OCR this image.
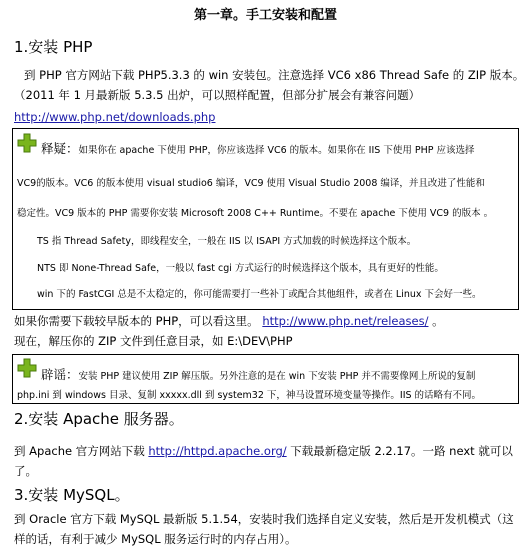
第一章。手工安装和配置
1.安装 PHP
到 PHP 官方网站下载 PHP5.3.3 的 win 安装包。注意选择 VC6 x86 Thread Safe 的 ZIP 版本。
（2011 年 1 月最新版 5.3.5 出炉，可以照样配置，但部分扩展会有兼容问题）
http://www.php.net/downloads.php
释疑：如果你在 apache 下使用 PHP，你应该选择 VC6 的版本。如果你在 IIS 下使用 PHP 应该选择
VC9的版本。VC6 的版本使用 visual studio6 编译，VC9 使用 Visual Studio 2008 编译，并且改进了性能和
稳定性。VC9 版本的 PHP 需要你安装 Microsoft 2008 C++ Runtime。不要在 apache 下使用 VC9 的版本 。
TS 指 Thread Safety，即线程安全，一般在 IIS 以 ISAPI 方式加载的时候选择这个版本。
NTS 即 None-Thread Safe，一般以 fast cgi 方式运行的时候选择这个版本，具有更好的性能。
win 下的 FastCGI 总是不太稳定的，你可能需要打一些补丁或配合其他组件，或者在 Linux 下会好一些。
如果你需要下载较早版本的 PHP，可以看这里。 http://www.php.net/releases/ 。
现在，解压你的 ZIP 文件到任意目录，如 E:\DEV\PHP
辟谣：安装 PHP 建议使用 ZIP 解压版。另外注意的是在 win 下安装 PHP 并不需要像网上所说的复制
php.ini 到 windows 目录、复制 xxxxx.dll 到 system32 下，神马设置环境变量等操作。IIS 的话略有不同。
2.安装 Apache 服务器。
到 Apache 官方网站下载 http://httpd.apache.org/ 下载最新稳定版 2.2.17。一路 next 就可以
了。
3.安装 MySQL。
到 Oracle 官方下载 MySQL 最新版 5.1.54，安装时我们选择自定义安装，然后是开发机模式（这
样的话，有利于减少 MySQL 服务运行时的内存占用）。
